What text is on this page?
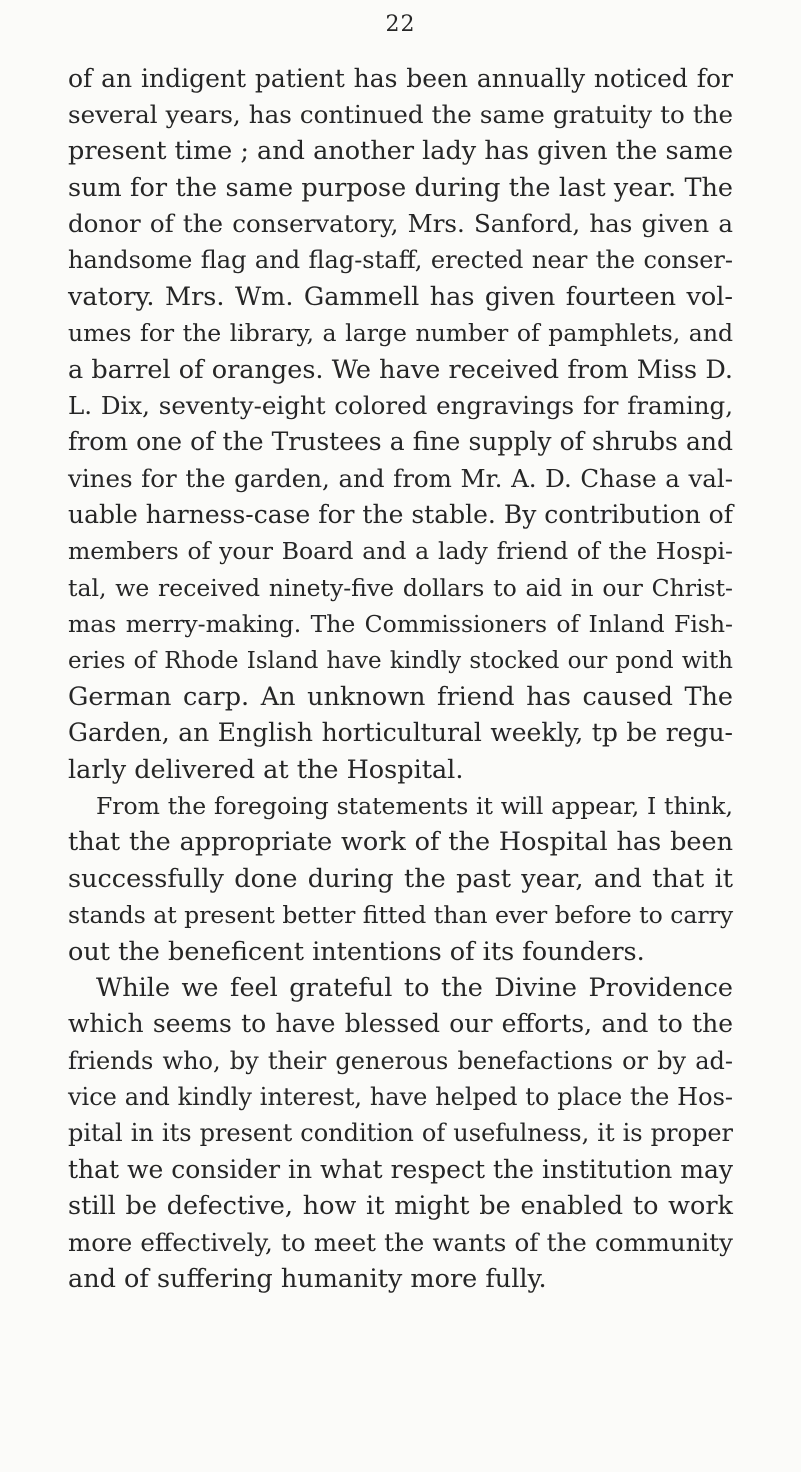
22
of an indigent patient has been annually noticed for
several years, has continued the same gratuity to the
present time ; and another lady has given the same
sum for the same purpose during the last year. The
donor of the conservatory, Mrs. Sanford, has given a
handsome flag and flag-staff, erected near the conser-
vatory. Mrs. Wm. Gammell has given fourteen vol-
umes for the library, a large number of pamphlets, and
a barrel of oranges. We have received from Miss D.
L. Dix, seventy-eight colored engravings for framing,
from one of the Trustees a fine supply of shrubs and
vines for the garden, and from Mr. A. D. Chase a val-
uable harness-case for the stable. By contribution of
members of your Board and a lady friend of the Hospi-
tal, we received ninety-five dollars to aid in our Christ-
mas merry-making. The Commissioners of Inland Fish-
eries of Rhode Island have kindly stocked our pond with
German carp. An unknown friend has caused The
Garden, an English horticultural weekly, tp be regu-
larly delivered at the Hospital.
From the foregoing statements it will appear, I think,
that the appropriate work of the Hospital has been
successfully done during the past year, and that it
stands at present better fitted than ever before to carry
out the beneficent intentions of its founders.
While we feel grateful to the Divine Providence
which seems to have blessed our efforts, and to the
friends who, by their generous benefactions or by ad-
vice and kindly interest, have helped to place the Hos-
pital in its present condition of usefulness, it is proper
that we consider in what respect the institution may
still be defective, how it might be enabled to work
more effectively, to meet the wants of the community
and of suffering humanity more fully.
